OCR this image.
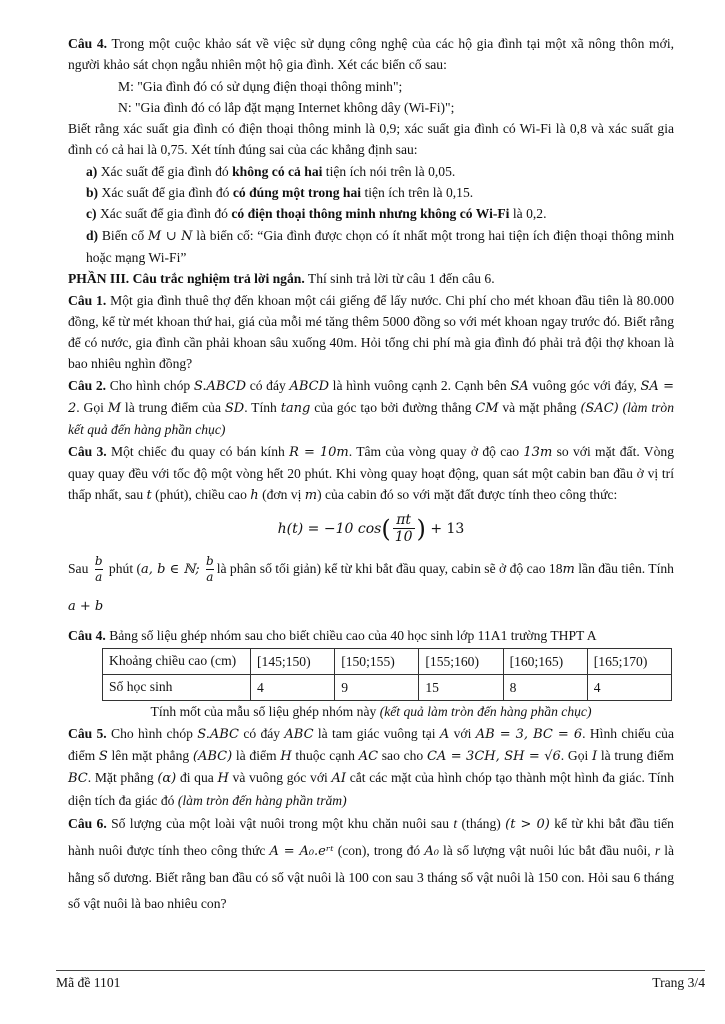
Câu 4. Trong một cuộc khảo sát về việc sử dụng công nghệ của các hộ gia đình tại một xã nông thôn mới, người khảo sát chọn ngẫu nhiên một hộ gia đình. Xét các biến cố sau:

M: "Gia đình đó có sử dụng điện thoại thông minh";

N: "Gia đình đó có lắp đặt mạng Internet không dây (Wi-Fi)";

Biết rằng xác suất gia đình có điện thoại thông minh là 0,9; xác suất gia đình có Wi-Fi là 0,8 và xác suất gia đình có cả hai là 0,75. Xét tính đúng sai của các khẳng định sau:

a) Xác suất để gia đình đó không có cả hai tiện ích nói trên là 0,05.

b) Xác suất để gia đình đó có đúng một trong hai tiện ích trên là 0,15.

c) Xác suất để gia đình đó có điện thoại thông minh nhưng không có Wi-Fi là 0,2.

d) Biến cố M ∪ N là biến cố: “Gia đình được chọn có ít nhất một trong hai tiện ích điện thoại thông minh hoặc mạng Wi-Fi”

PHẦN III. Câu trắc nghiệm trả lời ngắn. Thí sinh trả lời từ câu 1 đến câu 6.

Câu 1. Một gia đình thuê thợ đến khoan một cái giếng để lấy nước. Chi phí cho mét khoan đầu tiên là 80.000 đồng, kể từ mét khoan thứ hai, giá của mỗi mé tăng thêm 5000 đồng so với mét khoan ngay trước đó. Biết rằng để có nước, gia đình cần phải khoan sâu xuống 40m. Hỏi tổng chi phí mà gia đình đó phải trả đội thợ khoan là bao nhiêu nghìn đồng?

Câu 2. Cho hình chóp S.ABCD có đáy ABCD là hình vuông cạnh 2. Cạnh bên SA vuông góc với đáy, SA = 2. Gọi M là trung điểm của SD. Tính tang của góc tạo bởi đường thẳng CM và mặt phẳng (SAC) (làm tròn kết quả đến hàng phần chục)

Câu 3. Một chiếc đu quay có bán kính R = 10m. Tâm của vòng quay ở độ cao 13m so với mặt đất. Vòng quay quay đều với tốc độ một vòng hết 20 phút. Khi vòng quay hoạt động, quan sát một cabin ban đầu ở vị trí thấp nhất, sau t (phút), chiều cao h (đơn vị m) của cabin đó so với mặt đất được tính theo công thức:

h(t) = −10 $\cos( \frac{\pi t}{10}$ ) + 13

Sau $\frac{b}{a}$ phút (a, b ∈ ℕ; $\frac{b}{a}$ là phân số tối giản) kể từ khi bắt đầu quay, cabin sẽ ở độ cao 18m lần đầu tiên. Tính a + b

Câu 4. Bảng số liệu ghép nhóm sau cho biết chiều cao của 40 học sinh lớp 11A1 trường THPT A

Khoảng chiều cao (cm)	[145;150)	[150;155)	[155;160)	[160;165)	[165;170)
Số học sinh	4	9	15	8	4

Tính mốt của mẫu số liệu ghép nhóm này (kết quả làm tròn đến hàng phần chục)

Câu 5. Cho hình chóp S.ABC có đáy ABC là tam giác vuông tại A với AB = 3, BC = 6. Hình chiếu của điểm S lên mặt phẳng (ABC) là điểm H thuộc cạnh AC sao cho CA = 3CH, SH = √6. Gọi I là trung điểm BC. Mặt phẳng (α) đi qua H và vuông góc với AI cắt các mặt của hình chóp tạo thành một hình đa giác. Tính diện tích đa giác đó (làm tròn đến hàng phần trăm)

Câu 6. Số lượng của một loài vật nuôi trong một khu chăn nuôi sau t (tháng) (t > 0) kể từ khi bắt đầu tiến hành nuôi được tính theo công thức A = A₀.eʳᵗ (con), trong đó A₀ là số lượng vật nuôi lúc bắt đầu nuôi, r là hằng số dương. Biết rằng ban đầu có số vật nuôi là 100 con sau 3 tháng số vật nuôi là 150 con. Hỏi sau 6 tháng số vật nuôi là bao nhiêu con?

Mã đề 1101	Trang 3/4
